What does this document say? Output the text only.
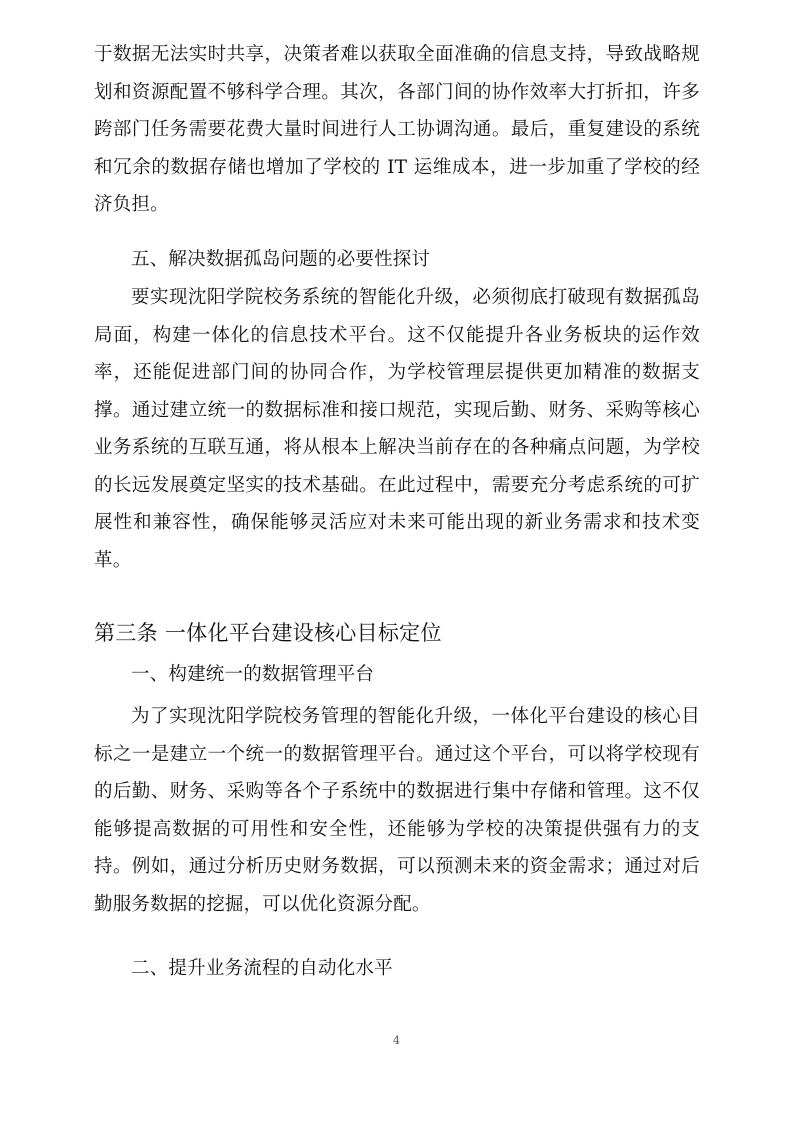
于数据无法实时共享，决策者难以获取全面准确的信息支持，导致战略规划和资源配置不够科学合理。其次，各部门间的协作效率大打折扣，许多跨部门任务需要花费大量时间进行人工协调沟通。最后，重复建设的系统和冗余的数据存储也增加了学校的 IT 运维成本，进一步加重了学校的经济负担。

五、解决数据孤岛问题的必要性探讨

要实现沈阳学院校务系统的智能化升级，必须彻底打破现有数据孤岛局面，构建一体化的信息技术平台。这不仅能提升各业务板块的运作效率，还能促进部门间的协同合作，为学校管理层提供更加精准的数据支撑。通过建立统一的数据标准和接口规范，实现后勤、财务、采购等核心业务系统的互联互通，将从根本上解决当前存在的各种痛点问题，为学校的长远发展奠定坚实的技术基础。在此过程中，需要充分考虑系统的可扩展性和兼容性，确保能够灵活应对未来可能出现的新业务需求和技术变革。

第三条 一体化平台建设核心目标定位

一、构建统一的数据管理平台

为了实现沈阳学院校务管理的智能化升级，一体化平台建设的核心目标之一是建立一个统一的数据管理平台。通过这个平台，可以将学校现有的后勤、财务、采购等各个子系统中的数据进行集中存储和管理。这不仅能够提高数据的可用性和安全性，还能够为学校的决策提供强有力的支持。例如，通过分析历史财务数据，可以预测未来的资金需求；通过对后勤服务数据的挖掘，可以优化资源分配。

二、提升业务流程的自动化水平

4
